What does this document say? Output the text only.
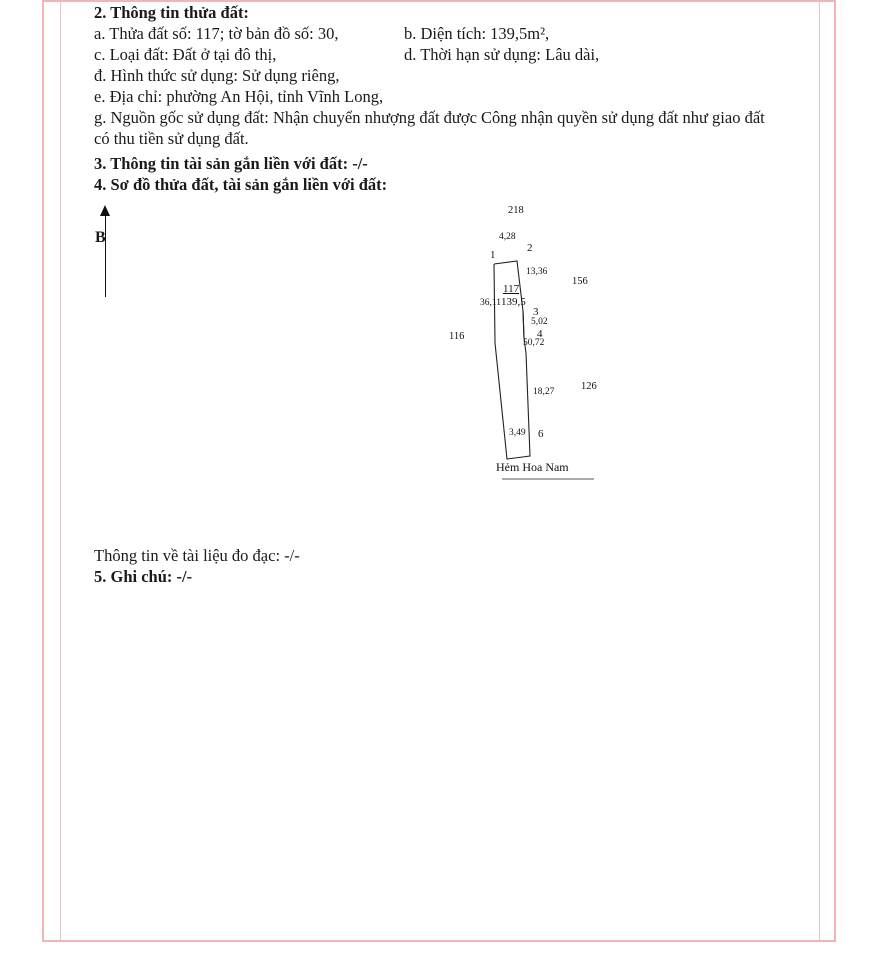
2. Thông tin thửa đất:
a. Thửa đất số: 117; tờ bản đồ số: 30,	b. Diện tích: 139,5m²,
c. Loại đất: Đất ở tại đô thị,	d. Thời hạn sử dụng: Lâu dài,
đ. Hình thức sử dụng: Sử dụng riêng,
e. Địa chỉ: phường An Hội, tỉnh Vĩnh Long,
g. Nguồn gốc sử dụng đất: Nhận chuyển nhượng đất được Công nhận quyền sử dụng đất như giao đất có thu tiền sử dụng đất.
3. Thông tin tài sản gắn liền với đất: -/-
4. Sơ đồ thửa đất, tài sản gắn liền với đất:
B
218
116
156
126
1
2
3
4
6
4,28
13,36
36,11
5,02
50,72
18,27
3,49
117
139,5
Hẻm Hoa Nam
Thông tin về tài liệu đo đạc: -/-
5. Ghi chú: -/-
